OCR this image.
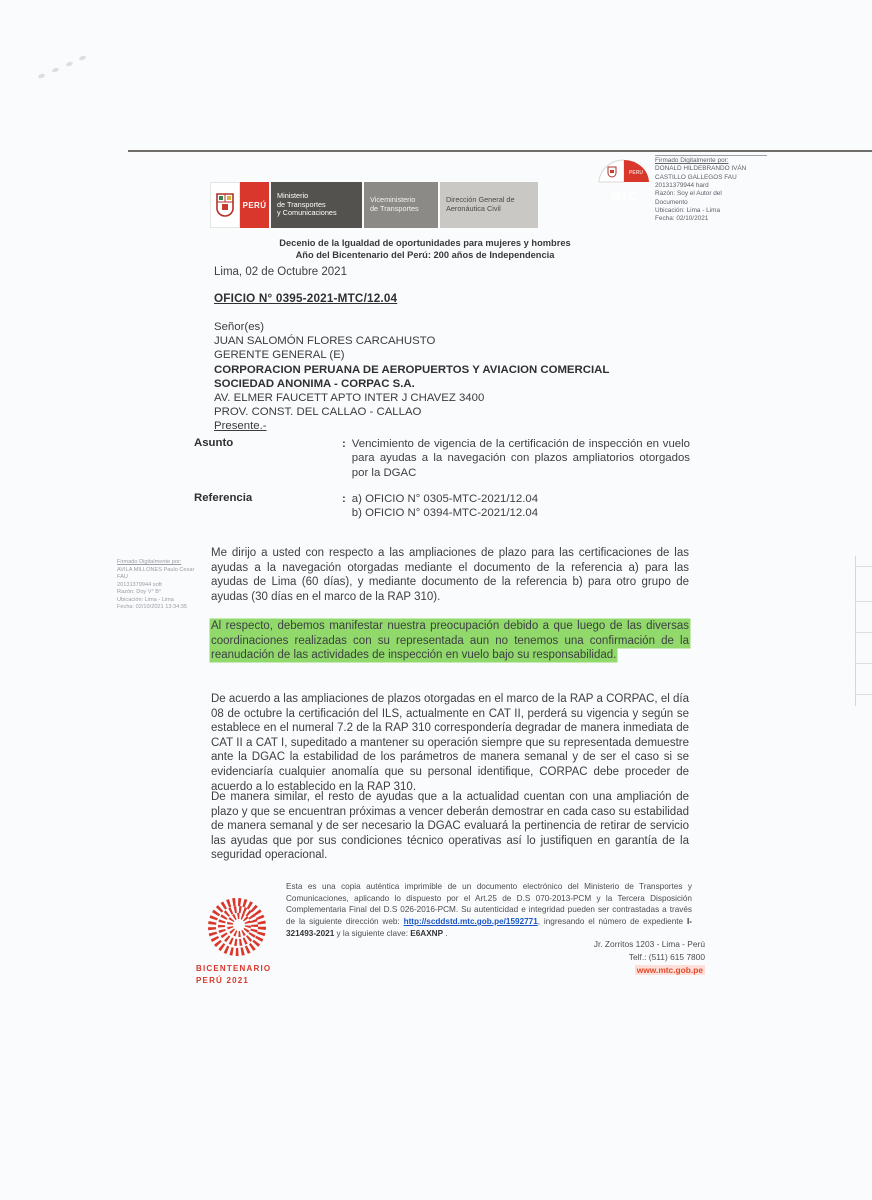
PERÚ
Ministerio
de Transportes
y Comunicaciones
Viceministerio
de Transportes
Dirección General de
Aeronáutica Civil
MTC
PERU
Firmado Digitalmente por:
DONALD HILDEBRANDO IVÁN
CASTILLO GALLEGOS FAU
20131379944 hard
Razón: Soy el Autor del
Documento
Ubicación: Lima - Lima
Fecha: 02/10/2021
Decenio de la Igualdad de oportunidades para mujeres y hombres
Año del Bicentenario del Perú: 200 años de Independencia
Lima, 02 de Octubre 2021
OFICIO N° 0395-2021-MTC/12.04
Señor(es)
JUAN SALOMÓN FLORES CARCAHUSTO
GERENTE GENERAL (E)
CORPORACION PERUANA DE AEROPUERTOS Y AVIACION COMERCIAL
SOCIEDAD ANONIMA - CORPAC S.A.
AV. ELMER FAUCETT APTO INTER J CHAVEZ 3400
PROV. CONST. DEL CALLAO - CALLAO
Presente.-
Asunto	: Vencimiento de vigencia de la certificación de inspección en vuelo para ayudas a la navegación con plazos ampliatorios otorgados por la DGAC
Referencia	: a) OFICIO N° 0305-MTC-2021/12.04
b) OFICIO N° 0394-MTC-2021/12.04
Firmado Digitalmente por:
AVILA MILLONES Paulo Cesar FAU
20131379944 soft
Razón: Doy V° B°
Ubicación: Lima - Lima
Fecha: 02/10/2021 13:34:35
Me dirijo a usted con respecto a las ampliaciones de plazo para las certificaciones de las ayudas a la navegación otorgadas mediante el documento de la referencia a) para las ayudas de Lima (60 días), y mediante documento de la referencia b) para otro grupo de ayudas (30 días en el marco de la RAP 310).
Al respecto, debemos manifestar nuestra preocupación debido a que luego de las diversas coordinaciones realizadas con su representada aun no tenemos una confirmación de la reanudación de las actividades de inspección en vuelo bajo su responsabilidad.
De acuerdo a las ampliaciones de plazos otorgadas en el marco de la RAP a CORPAC, el día 08 de octubre la certificación del ILS, actualmente en CAT II, perderá su vigencia y según se establece en el numeral 7.2 de la RAP 310 correspondería degradar de manera inmediata de CAT II a CAT I, supeditado a mantener su operación siempre que su representada demuestre ante la DGAC la estabilidad de los parámetros de manera semanal y de ser el caso si se evidenciaría cualquier anomalía que su personal identifique, CORPAC debe proceder de acuerdo a lo establecido en la RAP 310.
De manera similar, el resto de ayudas que a la actualidad cuentan con una ampliación de plazo y que se encuentran próximas a vencer deberán demostrar en cada caso su estabilidad de manera semanal y de ser necesario la DGAC evaluará la pertinencia de retirar de servicio las ayudas que por sus condiciones técnico operativas así lo justifiquen en garantía de la seguridad operacional.
BICENTENARIO
PERÚ 2021
Esta es una copia auténtica imprimible de un documento electrónico del Ministerio de Transportes y Comunicaciones, aplicando lo dispuesto por el Art.25 de D.S 070-2013-PCM y la Tercera Disposición Complementaria Final del D.S 026-2016-PCM. Su autenticidad e integridad pueden ser contrastadas a través de la siguiente dirección web: http://scddstd.mtc.gob.pe/1592771, ingresando el número de expediente I-321493-2021 y la siguiente clave: E6AXNP .
Jr. Zorritos 1203 - Lima - Perú
Telf.: (511) 615 7800
www.mtc.gob.pe
